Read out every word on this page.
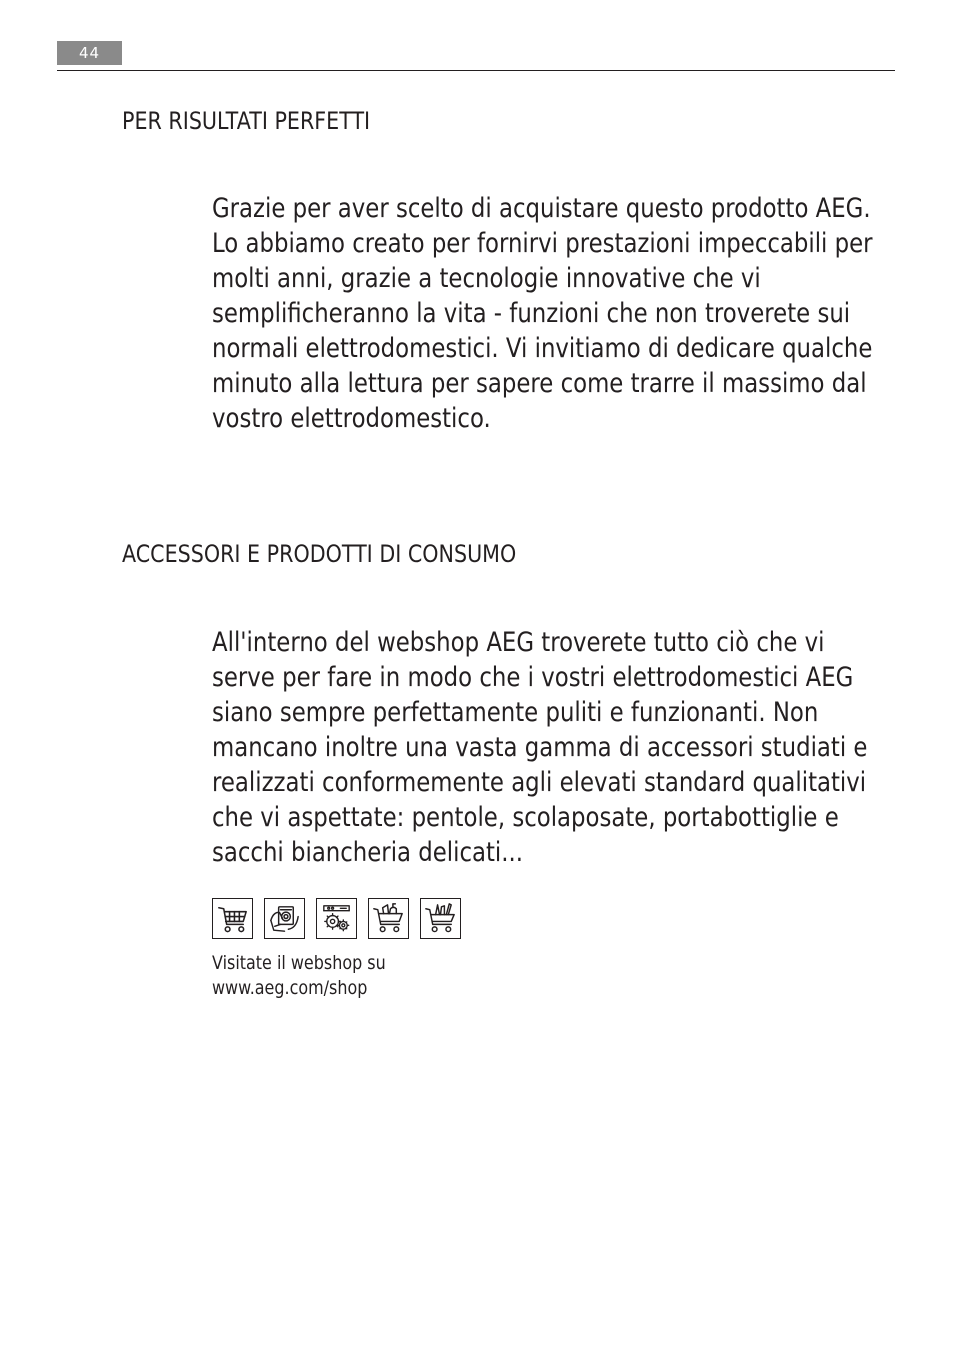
44
PER RISULTATI PERFETTI

Grazie per aver scelto di acquistare questo prodotto AEG. Lo abbiamo creato per fornirvi prestazioni impeccabili per molti anni, grazie a tecnologie innovative che vi semplificheranno la vita - funzioni che non troverete sui normali elettrodomestici. Vi invitiamo di dedicare qualche minuto alla lettura per sapere come trarre il massimo dal vostro elettrodomestico.

ACCESSORI E PRODOTTI DI CONSUMO

All'interno del webshop AEG troverete tutto ciò che vi serve per fare in modo che i vostri elettrodomestici AEG siano sempre perfettamente puliti e funzionanti. Non mancano inoltre una vasta gamma di accessori studiati e realizzati conformemente agli elevati standard qualitativi che vi aspettate: pentole, scolaposate, portabottiglie e sacchi biancheria delicati...

Visitate il webshop su
www.aeg.com/shop
